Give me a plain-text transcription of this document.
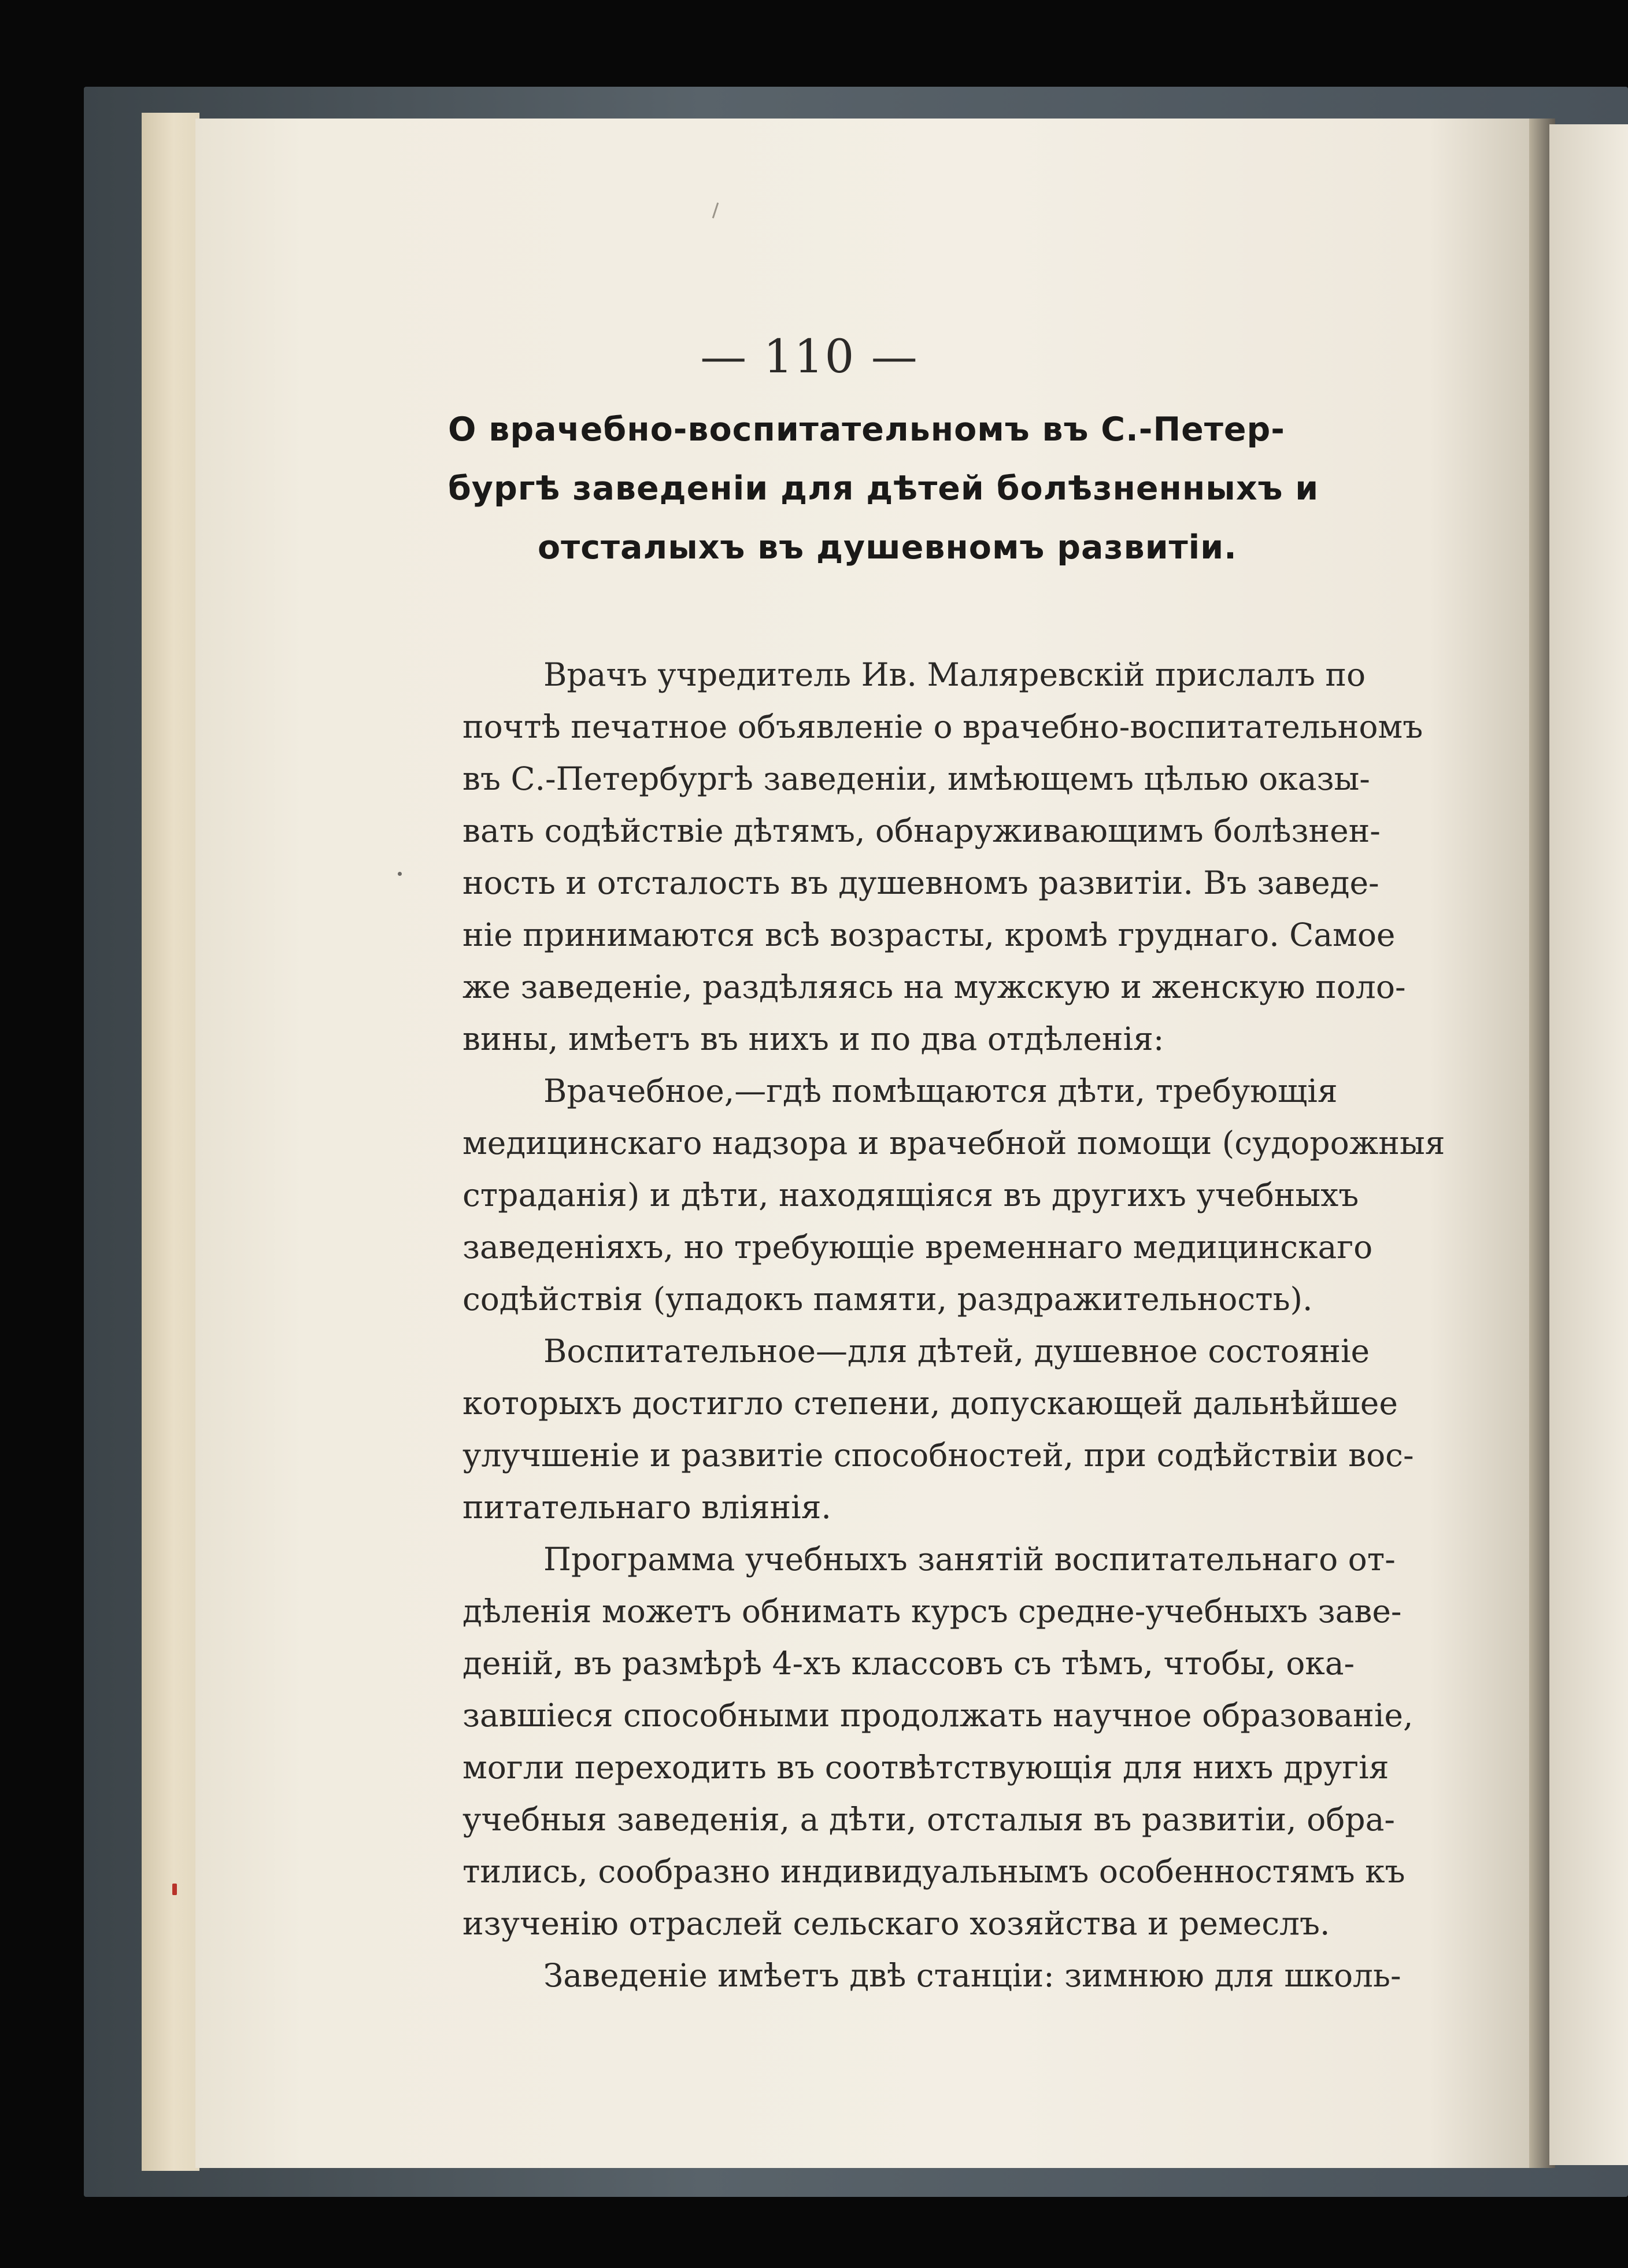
— 110 —
О врачебно-воспитательномъ въ С.-Петер-
бургѣ заведеніи для дѣтей болѣзненныхъ и
отсталыхъ въ душевномъ развитіи.
Врачъ учредитель Ив. Маляревскій прислалъ по
почтѣ печатное объявленіе о врачебно-воспитательномъ
въ С.-Петербургѣ заведеніи, имѣющемъ цѣлью оказы-
вать содѣйствіе дѣтямъ, обнаруживающимъ болѣзнен-
ность и отсталость въ душевномъ развитіи. Въ заведе-
ніе принимаются всѣ возрасты, кромѣ груднаго. Самое
же заведеніе, раздѣляясь на мужскую и женскую поло-
вины, имѣетъ въ нихъ и по два отдѣленія:
Врачебное,—гдѣ помѣщаются дѣти, требующія
медицинскаго надзора и врачебной помощи (судорожныя
страданія) и дѣти, находящіяся въ другихъ учебныхъ
заведеніяхъ, но требующіе временнаго медицинскаго
содѣйствія (упадокъ памяти, раздражительность).
Воспитательное—для дѣтей, душевное состояніе
которыхъ достигло степени, допускающей дальнѣйшее
улучшеніе и развитіе способностей, при содѣйствіи вос-
питательнаго вліянія.
Программа учебныхъ занятій воспитательнаго от-
дѣленія можетъ обнимать курсъ средне-учебныхъ заве-
деній, въ размѣрѣ 4-хъ классовъ съ тѣмъ, чтобы, ока-
завшіеся способными продолжать научное образованіе,
могли переходить въ соотвѣтствующія для нихъ другія
учебныя заведенія, а дѣти, отсталыя въ развитіи, обра-
тились, сообразно индивидуальнымъ особенностямъ къ
изученію отраслей сельскаго хозяйства и ремеслъ.
Заведеніе имѣетъ двѣ станціи: зимнюю для школь-
